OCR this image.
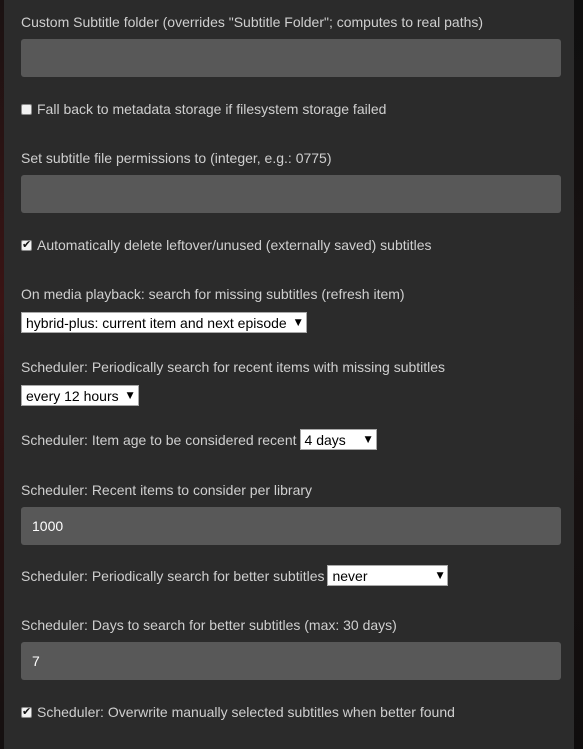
Custom Subtitle folder (overrides "Subtitle Folder"; computes to real paths)
Fall back to metadata storage if filesystem storage failed
Set subtitle file permissions to (integer, e.g.: 0775)
✔
Automatically delete leftover/unused (externally saved) subtitles
On media playback: search for missing subtitles (refresh item)
hybrid-plus: current item and next episode ▼
Scheduler: Periodically search for recent items with missing subtitles
every 12 hours ▼
Scheduler: Item age to be considered recent 4 days ▼
Scheduler: Recent items to consider per library
1000
Scheduler: Periodically search for better subtitles never	▼
Scheduler: Days to search for better subtitles (max: 30 days)
7
✔
Scheduler: Overwrite manually selected subtitles when better found
